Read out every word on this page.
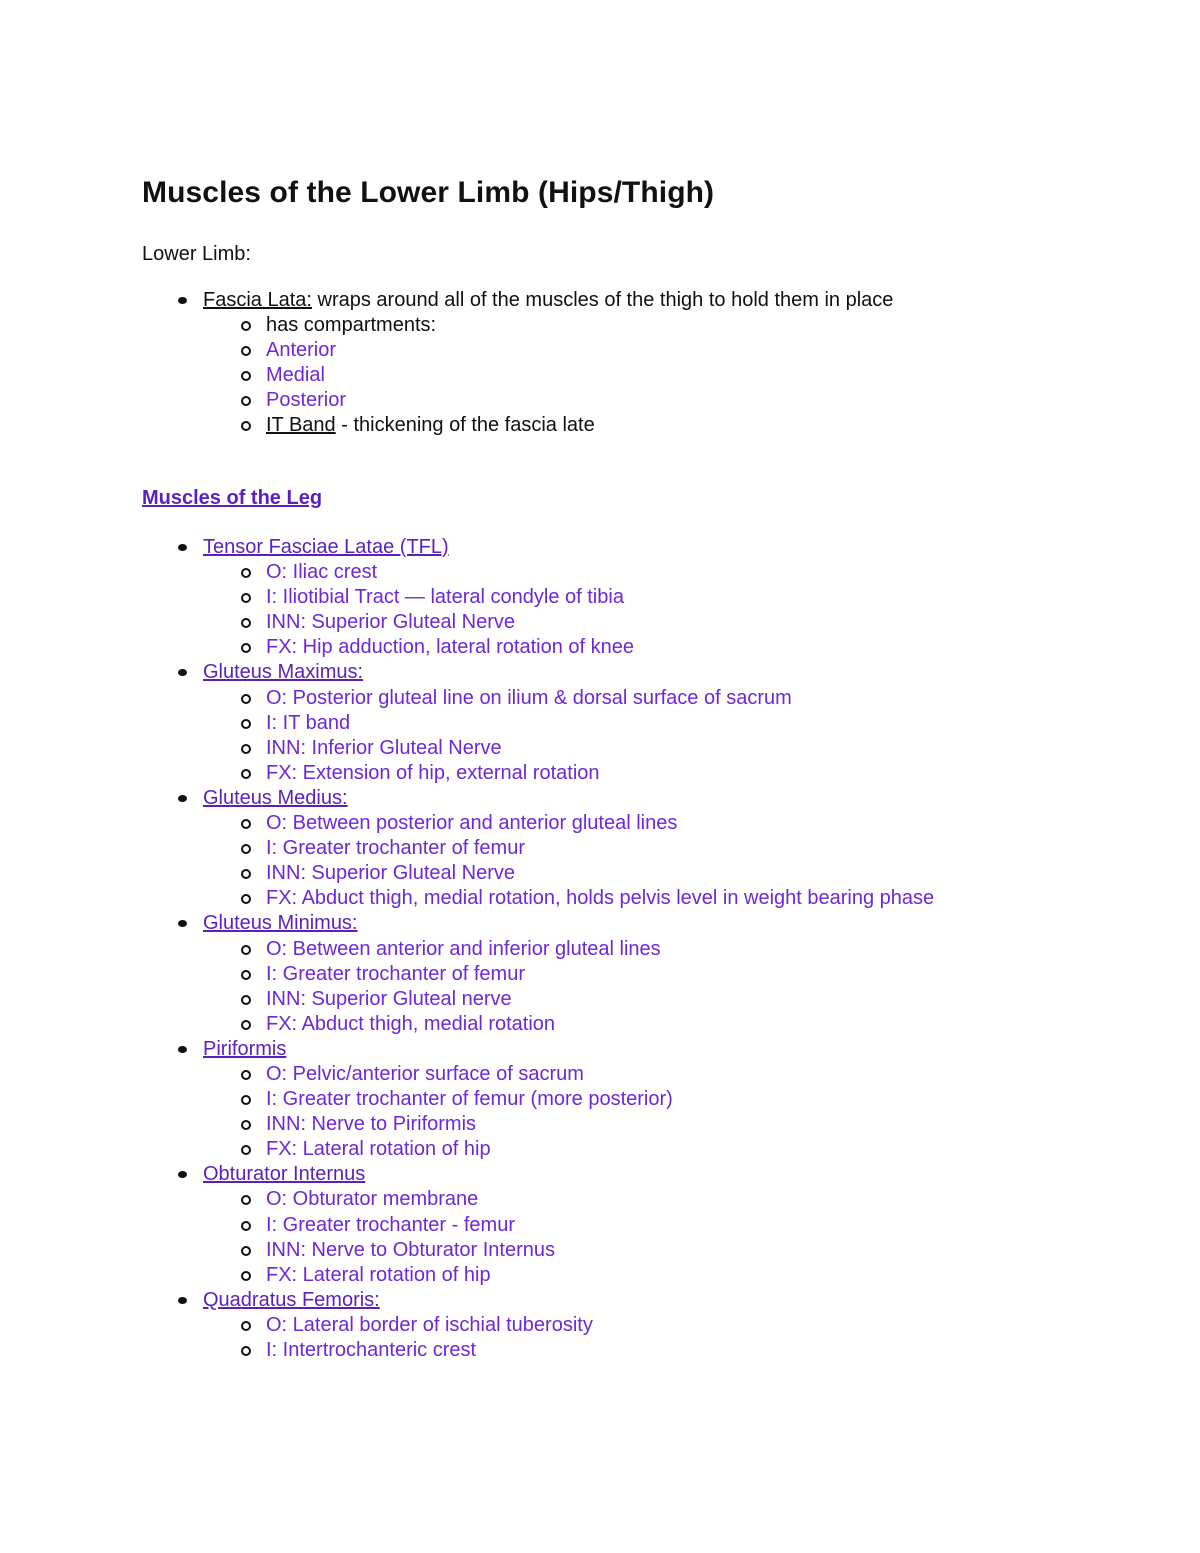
Muscles of the Lower Limb (Hips/Thigh)

Lower Limb:

Fascia Lata: wraps around all of the muscles of the thigh to hold them in place
has compartments:
Anterior
Medial
Posterior
IT Band - thickening of the fascia late
Muscles of the Leg
Tensor Fasciae Latae (TFL)
O: Iliac crest
I: Iliotibial Tract — lateral condyle of tibia
INN: Superior Gluteal Nerve
FX: Hip adduction, lateral rotation of knee
Gluteus Maximus:
O: Posterior gluteal line on ilium & dorsal surface of sacrum
I: IT band
INN: Inferior Gluteal Nerve
FX: Extension of hip, external rotation
Gluteus Medius:
O: Between posterior and anterior gluteal lines
I: Greater trochanter of femur
INN: Superior Gluteal Nerve
FX: Abduct thigh, medial rotation, holds pelvis level in weight bearing phase
Gluteus Minimus:
O: Between anterior and inferior gluteal lines
I: Greater trochanter of femur
INN: Superior Gluteal nerve
FX: Abduct thigh, medial rotation
Piriformis
O: Pelvic/anterior surface of sacrum
I: Greater trochanter of femur (more posterior)
INN: Nerve to Piriformis
FX: Lateral rotation of hip
Obturator Internus
O: Obturator membrane
I: Greater trochanter - femur
INN: Nerve to Obturator Internus
FX: Lateral rotation of hip
Quadratus Femoris:
O: Lateral border of ischial tuberosity
I: Intertrochanteric crest
